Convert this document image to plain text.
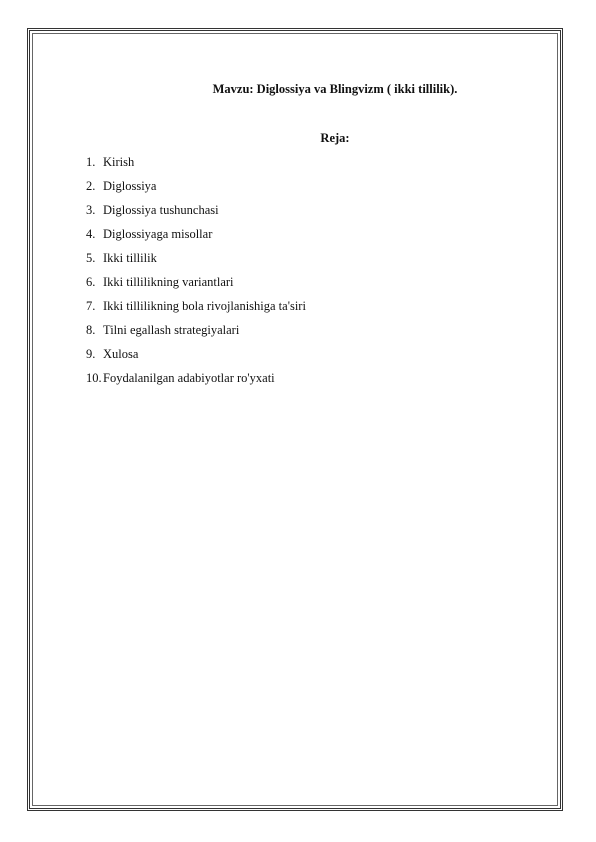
Mavzu: Diglossiya va Blingvizm ( ikki tillilik).
Reja:
1. Kirish
2. Diglossiya
3. Diglossiya tushunchasi
4. Diglossiyaga misollar
5. Ikki tillilik
6. Ikki tillilikning variantlari
7. Ikki tillilikning bola rivojlanishiga ta'siri
8. Tilni egallash strategiyalari
9. Xulosa
10.Foydalanilgan adabiyotlar ro'yxati
